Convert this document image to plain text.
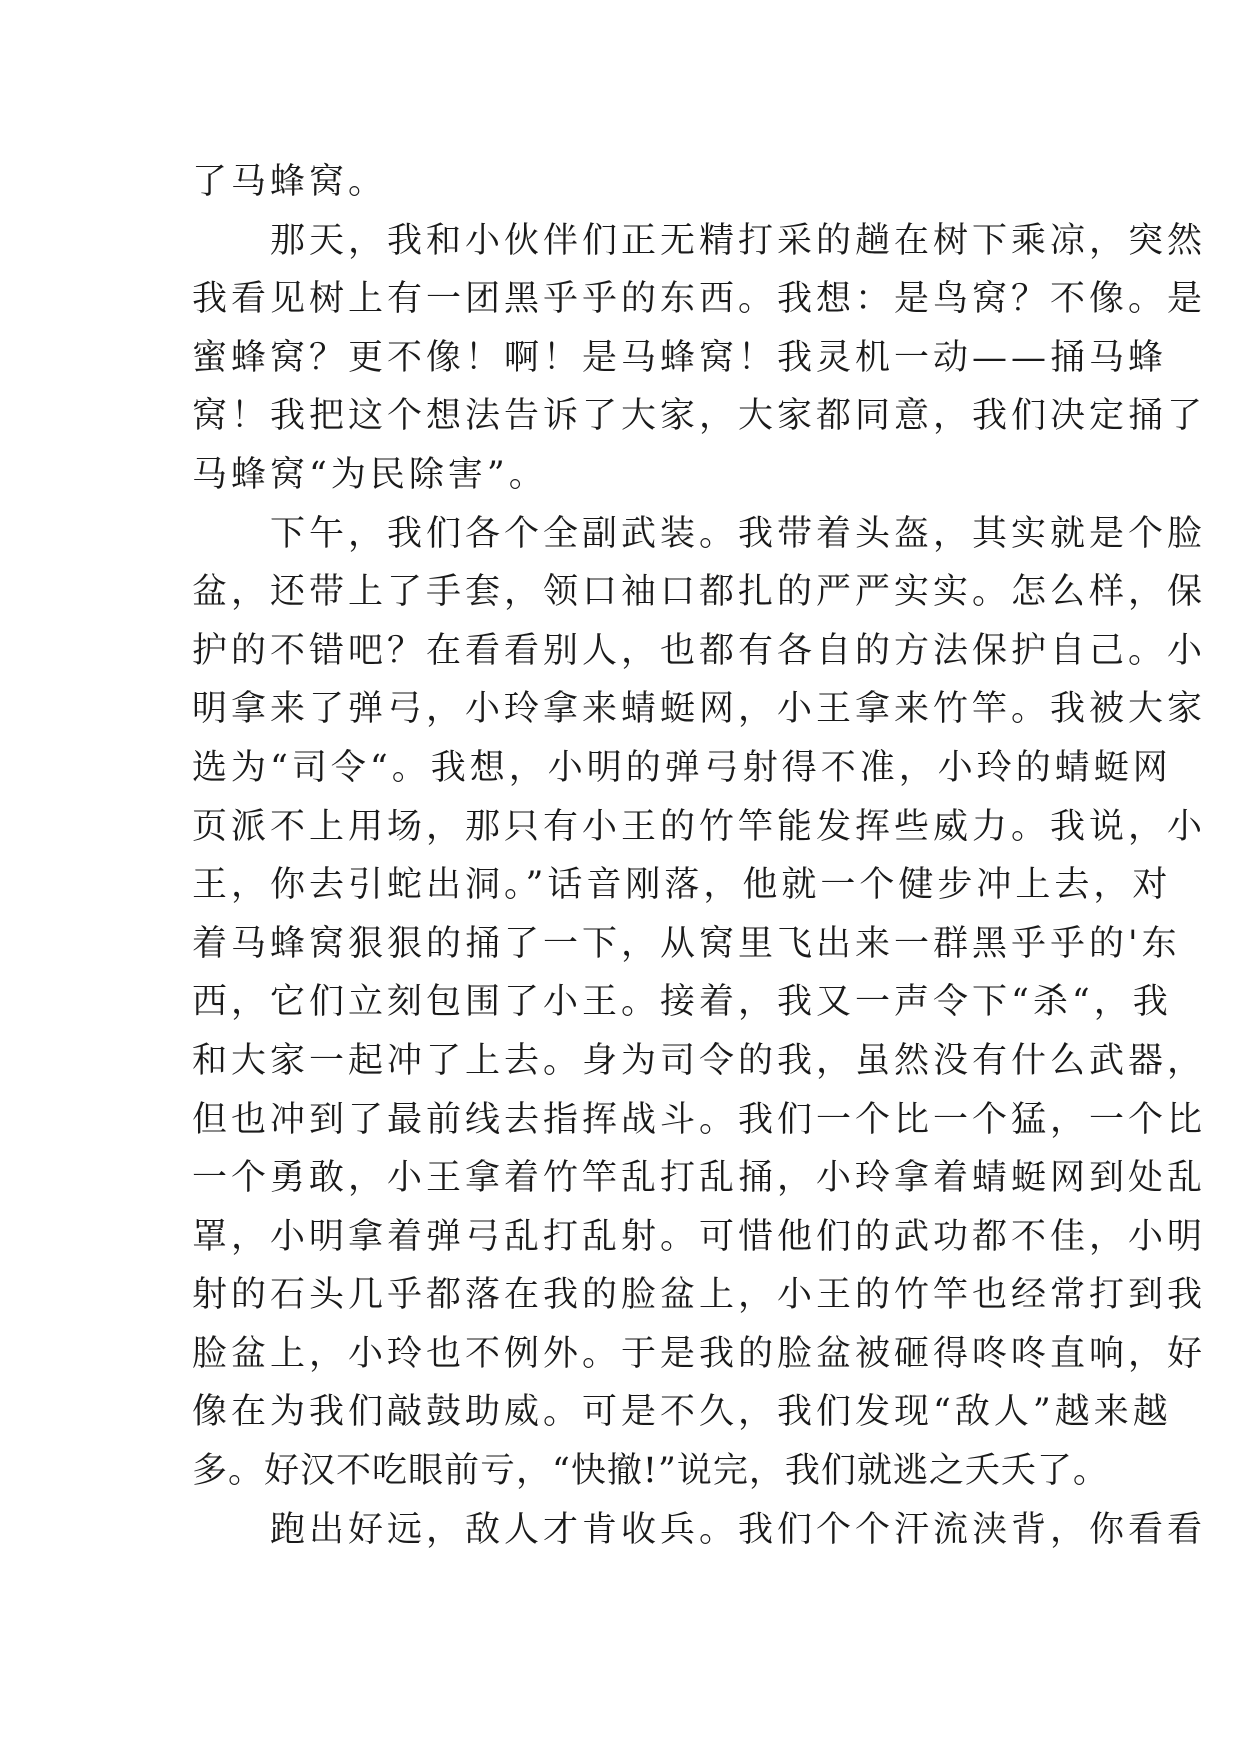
了马蜂窝。
那天，我和小伙伴们正无精打采的趟在树下乘凉，突然
我看见树上有一团黑乎乎的东西。我想：是鸟窝？不像。是
蜜蜂窝？更不像！啊！是马蜂窝！我灵机一动——捅马蜂
窝！我把这个想法告诉了大家，大家都同意，我们决定捅了
马蜂窝“为民除害”。
下午，我们各个全副武装。我带着头盔，其实就是个脸
盆，还带上了手套，领口袖口都扎的严严实实。怎么样，保
护的不错吧？在看看别人，也都有各自的方法保护自己。小
明拿来了弹弓，小玲拿来蜻蜓网，小王拿来竹竿。我被大家
选为“司令“。我想，小明的弹弓射得不准，小玲的蜻蜓网
页派不上用场，那只有小王的竹竿能发挥些威力。我说，小
王，你去引蛇出洞。”话音刚落，他就一个健步冲上去，对
着马蜂窝狠狠的捅了一下，从窝里飞出来一群黑乎乎的'东
西，它们立刻包围了小王。接着，我又一声令下“杀“，我
和大家一起冲了上去。身为司令的我，虽然没有什么武器，
但也冲到了最前线去指挥战斗。我们一个比一个猛，一个比
一个勇敢，小王拿着竹竿乱打乱捅，小玲拿着蜻蜓网到处乱
罩，小明拿着弹弓乱打乱射。可惜他们的武功都不佳，小明
射的石头几乎都落在我的脸盆上，小王的竹竿也经常打到我
脸盆上，小玲也不例外。于是我的脸盆被砸得咚咚直响，好
像在为我们敲鼓助威。可是不久，我们发现“敌人”越来越
多。好汉不吃眼前亏，“快撤!”说完，我们就逃之夭夭了。
跑出好远，敌人才肯收兵。我们个个汗流浃背，你看看
